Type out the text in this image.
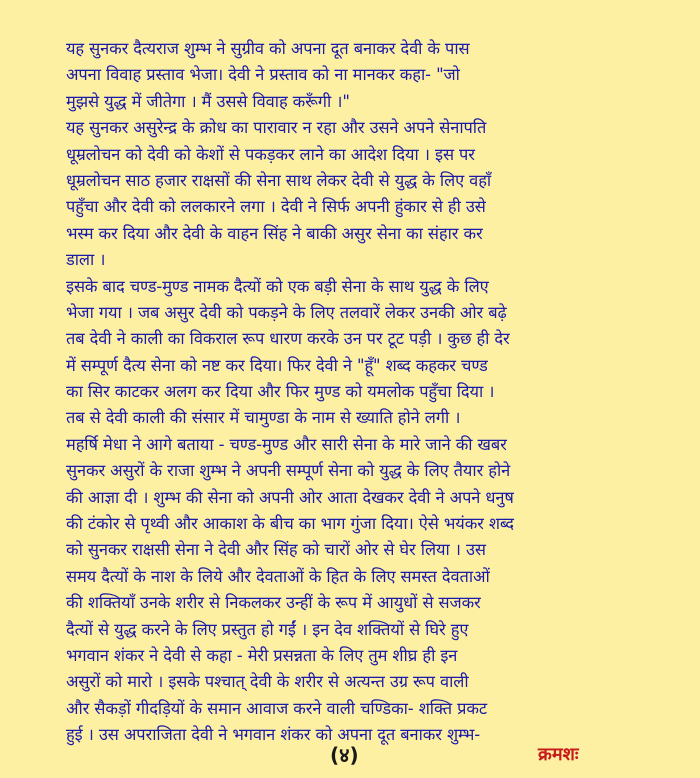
यह सुनकर दैत्यराज शुम्भ ने सुग्रीव को अपना दूत बनाकर देवी के पास
अपना विवाह प्रस्ताव भेजा। देवी ने प्रस्ताव को ना मानकर कहा- "जो
मुझसे युद्ध में जीतेगा । मैं उससे विवाह करूँगी ।"
यह सुनकर असुरेन्द्र के क्रोध का पारावार न रहा और उसने अपने सेनापति
धूम्रलोचन को देवी को केशों से पकड़कर लाने का आदेश दिया । इस पर
धूम्रलोचन साठ हजार राक्षसों की सेना साथ लेकर देवी से युद्ध के लिए वहाँ
पहुँचा और देवी को ललकारने लगा । देवी ने सिर्फ अपनी हुंकार से ही उसे
भस्म कर दिया और देवी के वाहन सिंह ने बाकी असुर सेना का संहार कर
डाला ।
इसके बाद चण्ड-मुण्ड नामक दैत्यों को एक बड़ी सेना के साथ युद्ध के लिए
भेजा गया । जब असुर देवी को पकड़ने के लिए तलवारें लेकर उनकी ओर बढ़े
तब देवी ने काली का विकराल रूप धारण करके उन पर टूट पड़ी । कुछ ही देर
में सम्पूर्ण दैत्य सेना को नष्ट कर दिया। फिर देवी ने "हूँ" शब्द कहकर चण्ड
का सिर काटकर अलग कर दिया और फिर मुण्ड को यमलोक पहुँचा दिया ।
तब से देवी काली की संसार में चामुण्डा के नाम से ख्याति होने लगी ।
महर्षि मेधा ने आगे बताया - चण्ड-मुण्ड और सारी सेना के मारे जाने की खबर
सुनकर असुरों के राजा शुम्भ ने अपनी सम्पूर्ण सेना को युद्ध के लिए तैयार होने
की आज्ञा दी । शुम्भ की सेना को अपनी ओर आता देखकर देवी ने अपने धनुष
की टंकोर से पृथ्वी और आकाश के बीच का भाग गुंजा दिया। ऐसे भयंकर शब्द
को सुनकर राक्षसी सेना ने देवी और सिंह को चारों ओर से घेर लिया । उस
समय दैत्यों के नाश के लिये और देवताओं के हित के लिए समस्त देवताओं
की शक्तियाँ उनके शरीर से निकलकर उन्हीं के रूप में आयुधों से सजकर
दैत्यों से युद्ध करने के लिए प्रस्तुत हो गईं । इन देव शक्तियों से घिरे हुए
भगवान शंकर ने देवी से कहा - मेरी प्रसन्नता के लिए तुम शीघ्र ही इन
असुरों को मारो । इसके पश्चात् देवी के शरीर से अत्यन्त उग्र रूप वाली
और सैकड़ों गीदड़ियों के समान आवाज करने वाली चण्डिका- शक्ति प्रकट
हुई । उस अपराजिता देवी ने भगवान शंकर को अपना दूत बनाकर शुम्भ-
(४)	क्रमशः
